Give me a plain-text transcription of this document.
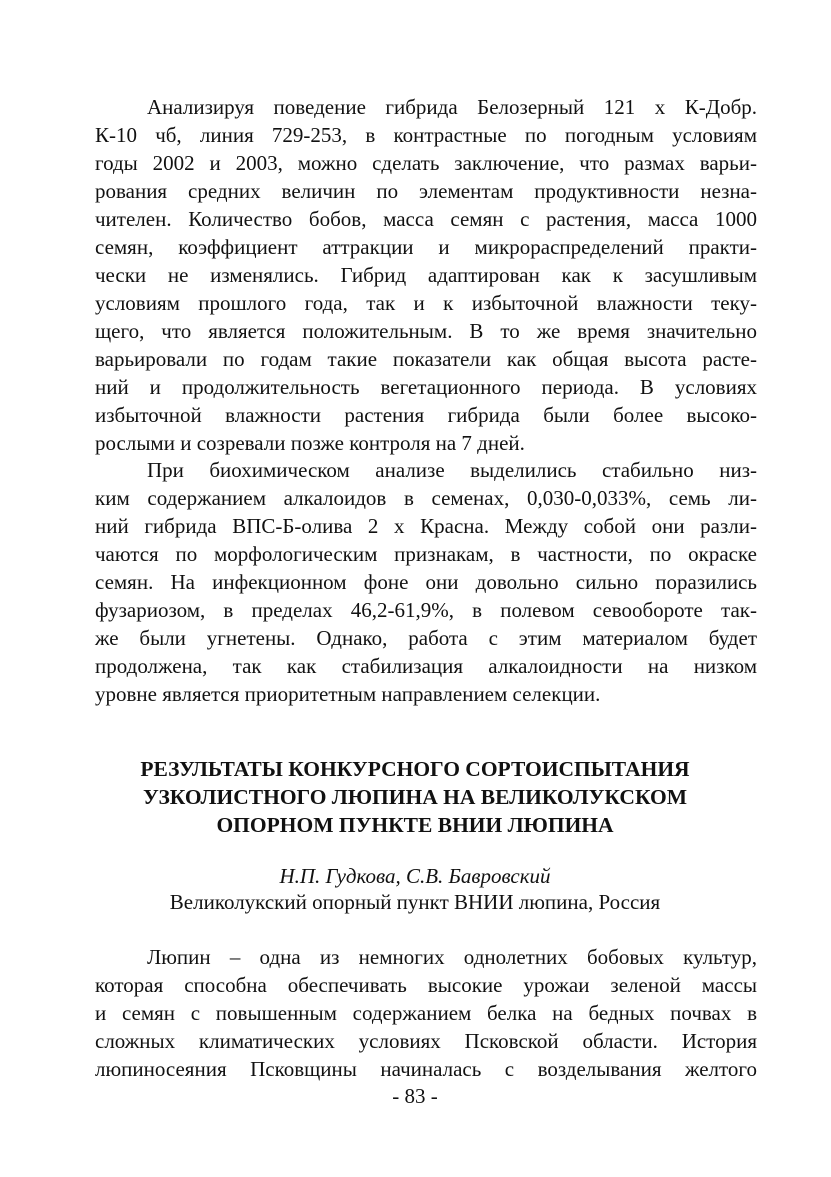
Анализируя поведение гибрида Белозерный 121 х К-Добр.
К-10 чб, линия 729-253, в контрастные по погодным условиям
годы 2002 и 2003, можно сделать заключение, что размах варьи-
рования средних величин по элементам продуктивности незна-
чителен. Количество бобов, масса семян с растения, масса 1000
семян, коэффициент аттракции и микрораспределений практи-
чески не изменялись. Гибрид адаптирован как к засушливым
условиям прошлого года, так и к избыточной влажности теку-
щего, что является положительным. В то же время значительно
варьировали по годам такие показатели как общая высота расте-
ний и продолжительность вегетационного периода. В условиях
избыточной влажности растения гибрида были более высоко-
рослыми и созревали позже контроля на 7 дней.
При биохимическом анализе выделились стабильно низ-
ким содержанием алкалоидов в семенах, 0,030-0,033%, семь ли-
ний гибрида ВПС-Б-олива 2 х Красна. Между собой они разли-
чаются по морфологическим признакам, в частности, по окраске
семян. На инфекционном фоне они довольно сильно поразились
фузариозом, в пределах 46,2-61,9%, в полевом севообороте так-
же были угнетены. Однако, работа с этим материалом будет
продолжена, так как стабилизация алкалоидности на низком
уровне является приоритетным направлением селекции.
РЕЗУЛЬТАТЫ КОНКУРСНОГО СОРТОИСПЫТАНИЯ
УЗКОЛИСТНОГО ЛЮПИНА НА ВЕЛИКОЛУКСКОМ
ОПОРНОМ ПУНКТЕ ВНИИ ЛЮПИНА
Н.П. Гудкова, С.В. Бавровский
Великолукский опорный пункт ВНИИ люпина, Россия
Люпин – одна из немногих однолетних бобовых культур,
которая способна обеспечивать высокие урожаи зеленой массы
и семян с повышенным содержанием белка на бедных почвах в
сложных климатических условиях Псковской области. История
люпиносеяния Псковщины начиналась с возделывания желтого
- 83 -
